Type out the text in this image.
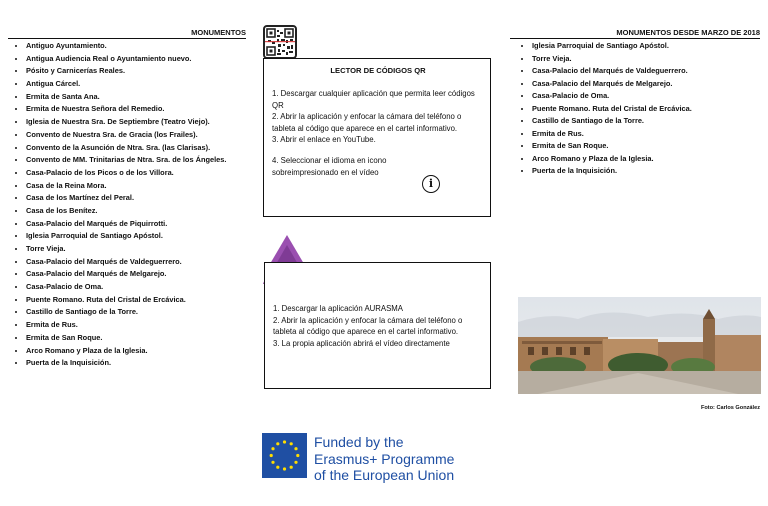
MONUMENTOS
• Antiguo Ayuntamiento.
• Antigua Audiencia Real o Ayuntamiento nuevo.
• Pósito y Carnicerías Reales.
• Antigua Cárcel.
• Ermita de Santa Ana.
• Ermita de Nuestra Señora del Remedio.
• Iglesia de Nuestra Sra. De Septiembre (Teatro Viejo).
• Convento de Nuestra Sra. de Gracia (los Frailes).
• Convento de la Asunción de Ntra. Sra. (las Clarisas).
• Convento de MM. Trinitarias de Ntra. Sra. de los Ángeles.
• Casa-Palacio de los Picos o de los Villora.
• Casa de la Reina Mora.
• Casa de los Martínez del Peral.
• Casa de los Benítez.
• Casa-Palacio del Marqués de Piquirrotti.
• Iglesia Parroquial de Santiago Apóstol.
• Torre Vieja.
• Casa-Palacio del Marqués de Valdeguerrero.
• Casa-Palacio del Marqués de Melgarejo.
• Casa-Palacio de Oma.
• Puente Romano. Ruta del Cristal de Ercávica.
• Castillo de Santiago de la Torre.
• Ermita de Rus.
• Ermita de San Roque.
• Arco Romano y Plaza de la Iglesia.
• Puerta de la Inquisición.
LECTOR DE CÓDIGOS QR

1. Descargar cualquier aplicación que permita leer códigos QR

2. Abrir la aplicación y enfocar la cámara del teléfono o tableta al código que aparece en el cartel informativo.

3. Abrir el enlace en YouTube.

4. Seleccionar el idioma en icono sobreimpresionado en el vídeo

i

1. Descargar la aplicación AURASMA

2. Abrir la aplicación y enfocar la cámara del teléfono o tableta al código que aparece en el cartel informativo.

3. La propia aplicación abrirá el vídeo directamente

Funded by the
Erasmus+ Programme
of the European Union
MONUMENTOS DESDE MARZO DE 2018
• Iglesia Parroquial de Santiago Apóstol.
• Torre Vieja.
• Casa-Palacio del Marqués de Valdeguerrero.
• Casa-Palacio del Marqués de Melgarejo.
• Casa-Palacio de Oma.
• Puente Romano. Ruta del Cristal de Ercávica.
• Castillo de Santiago de la Torre.
• Ermita de Rus.
• Ermita de San Roque.
• Arco Romano y Plaza de la Iglesia.
• Puerta de la Inquisición.
Foto: Carlos González
